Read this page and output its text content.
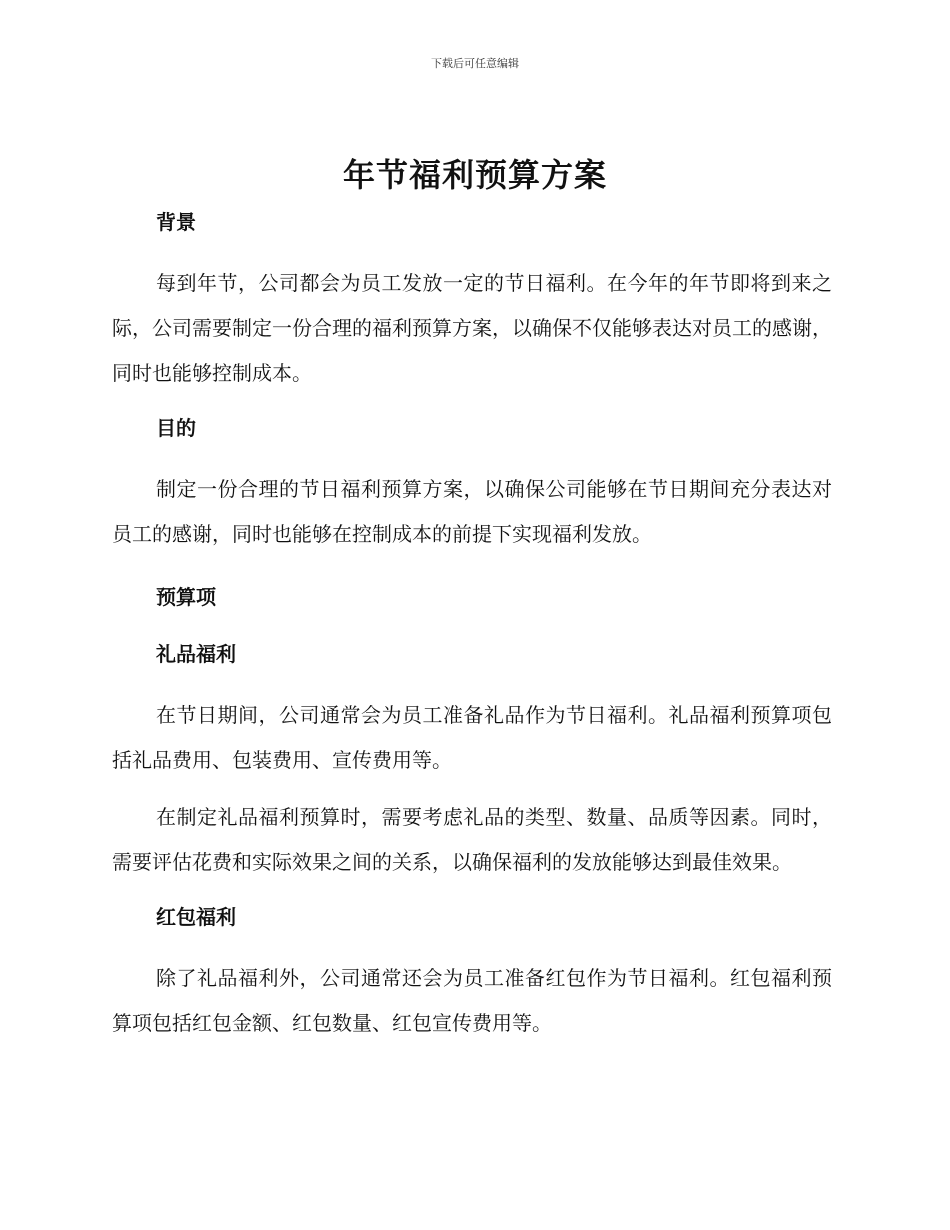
下载后可任意编辑
年节福利预算方案
背景

每到年节，公司都会为员工发放一定的节日福利。在今年的年节即将到来之际，公司需要制定一份合理的福利预算方案，以确保不仅能够表达对员工的感谢，同时也能够控制成本。

目的

制定一份合理的节日福利预算方案，以确保公司能够在节日期间充分表达对员工的感谢，同时也能够在控制成本的前提下实现福利发放。

预算项
礼品福利

在节日期间，公司通常会为员工准备礼品作为节日福利。礼品福利预算项包括礼品费用、包装费用、宣传费用等。

在制定礼品福利预算时，需要考虑礼品的类型、数量、品质等因素。同时，需要评估花费和实际效果之间的关系，以确保福利的发放能够达到最佳效果。

红包福利

除了礼品福利外，公司通常还会为员工准备红包作为节日福利。红包福利预算项包括红包金额、红包数量、红包宣传费用等。
